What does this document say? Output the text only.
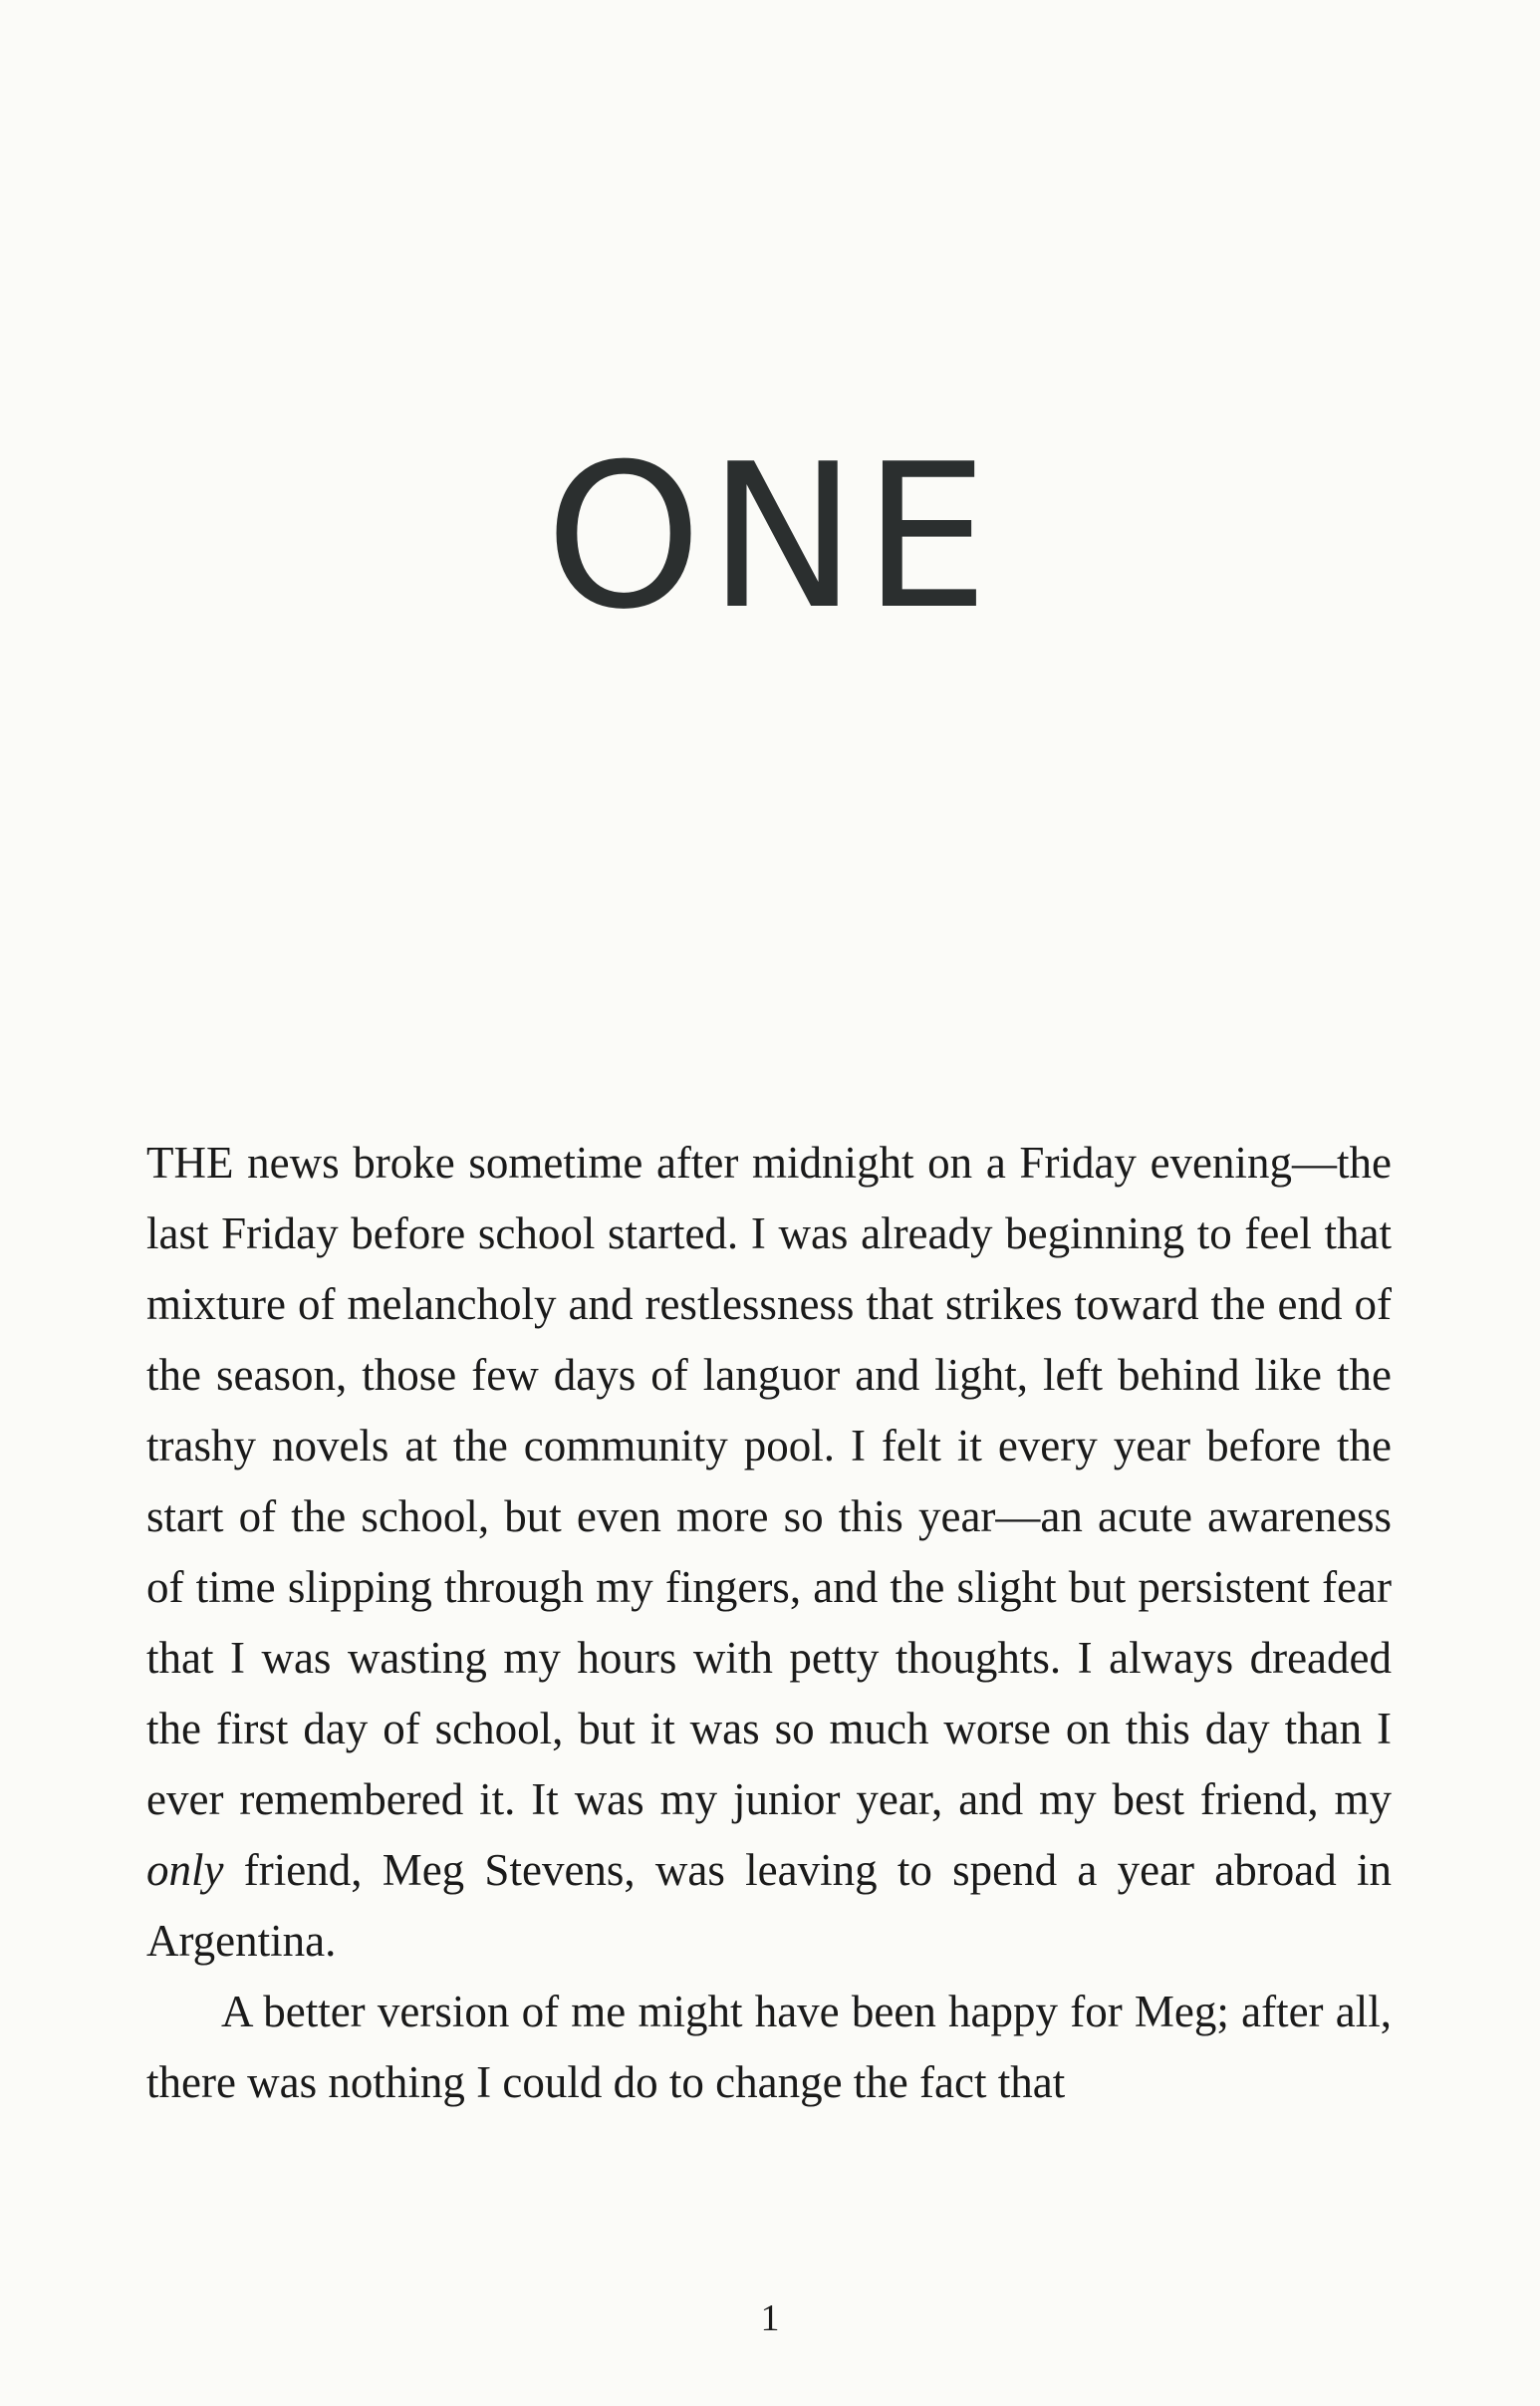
ONE

THE news broke sometime after midnight on a Friday evening—the last Friday before school started. I was already beginning to feel that mixture of melancholy and restlessness that strikes toward the end of the season, those few days of languor and light, left behind like the trashy novels at the community pool. I felt it every year before the start of the school, but even more so this year—an acute awareness of time slipping through my fingers, and the slight but persistent fear that I was wasting my hours with petty thoughts. I always dreaded the first day of school, but it was so much worse on this day than I ever remembered it. It was my junior year, and my best friend, my only friend, Meg Stevens, was leaving to spend a year abroad in Argentina.

A better version of me might have been happy for Meg; after all, there was nothing I could do to change the fact that

1
